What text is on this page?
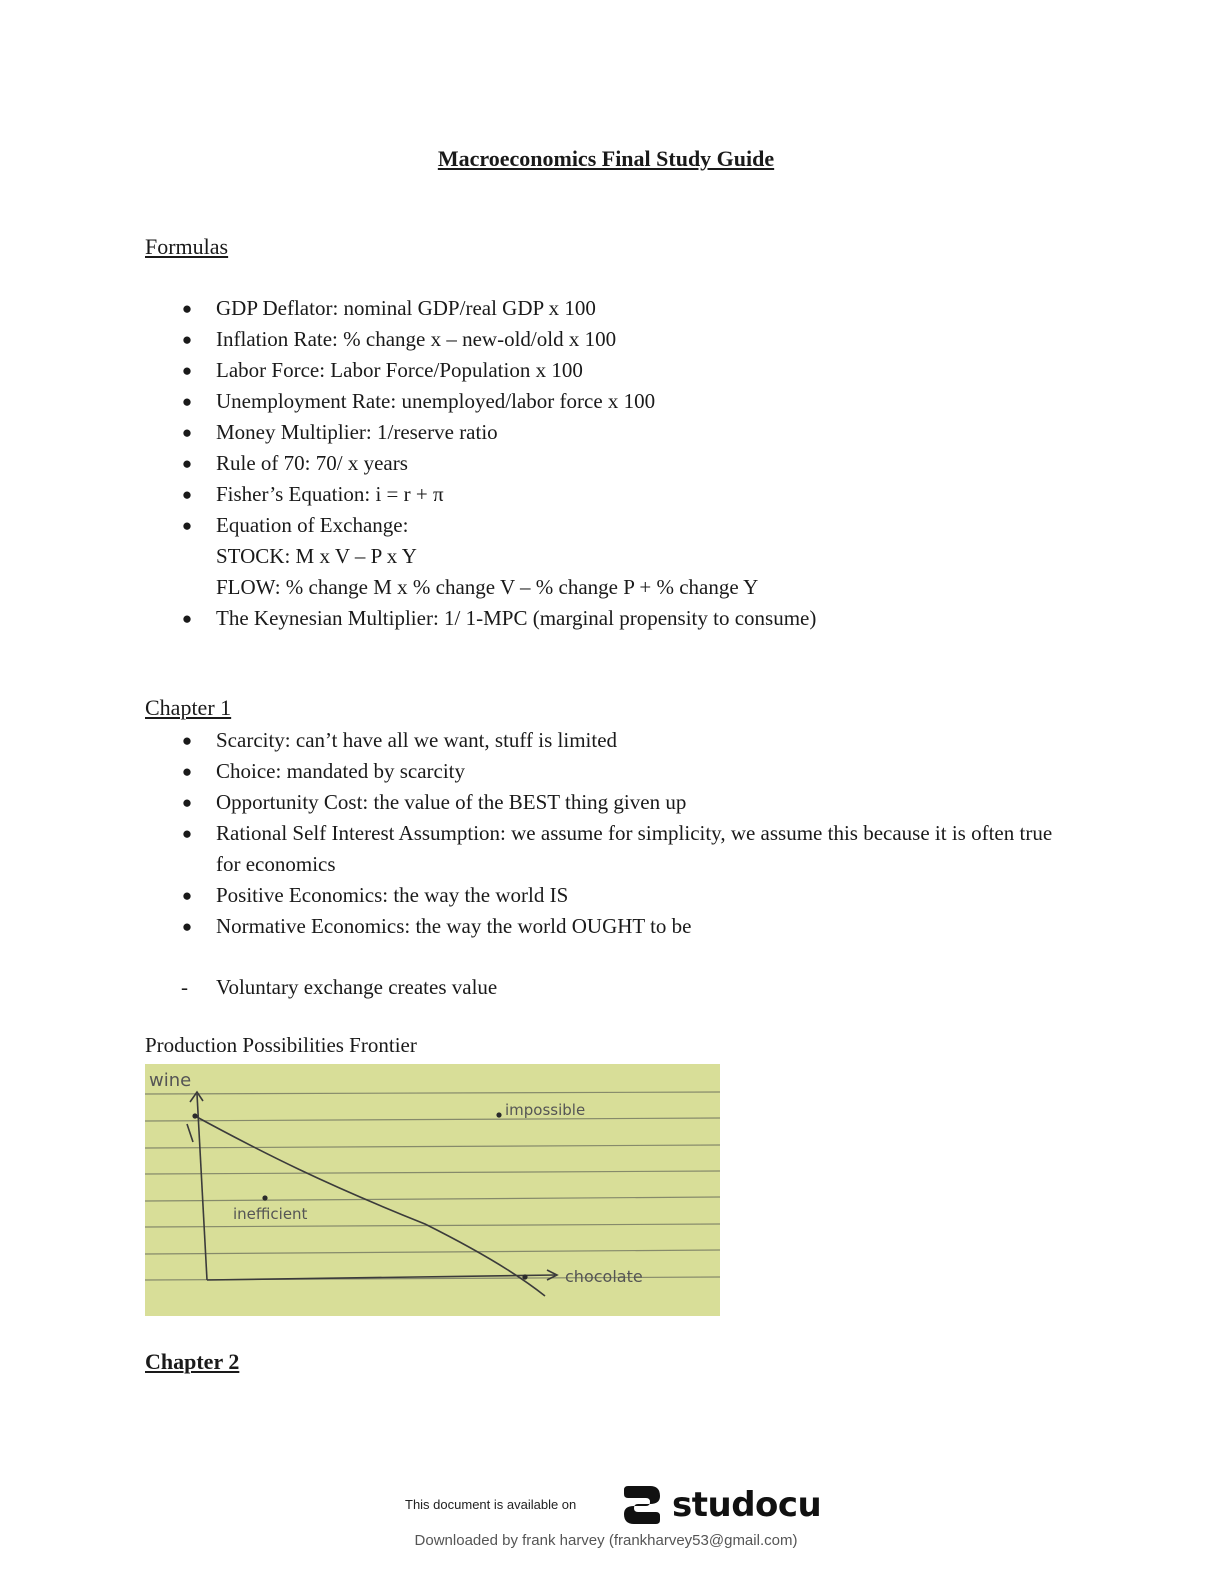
Macroeconomics Final Study Guide
Formulas
● GDP Deflator: nominal GDP/real GDP x 100
● Inflation Rate: % change x – new-old/old x 100
● Labor Force: Labor Force/Population x 100
● Unemployment Rate: unemployed/labor force x 100
● Money Multiplier: 1/reserve ratio
● Rule of 70: 70/ x years
● Fisher’s Equation: i = r + π
● Equation of Exchange:
STOCK: M x V – P x Y
FLOW: % change M x % change V – % change P + % change Y
● The Keynesian Multiplier: 1/ 1-MPC (marginal propensity to consume)
Chapter 1
● Scarcity: can’t have all we want, stuff is limited
● Choice: mandated by scarcity
● Opportunity Cost: the value of the BEST thing given up
● Rational Self Interest Assumption: we assume for simplicity, we assume this because it is often true for economics
● Positive Economics: the way the world IS
● Normative Economics: the way the world OUGHT to be
- Voluntary exchange creates value

Production Possibilities Frontier

wine
impossible
inefficient
chocolate
Chapter 2
This document is available on	studocu
Downloaded by frank harvey (frankharvey53@gmail.com)
